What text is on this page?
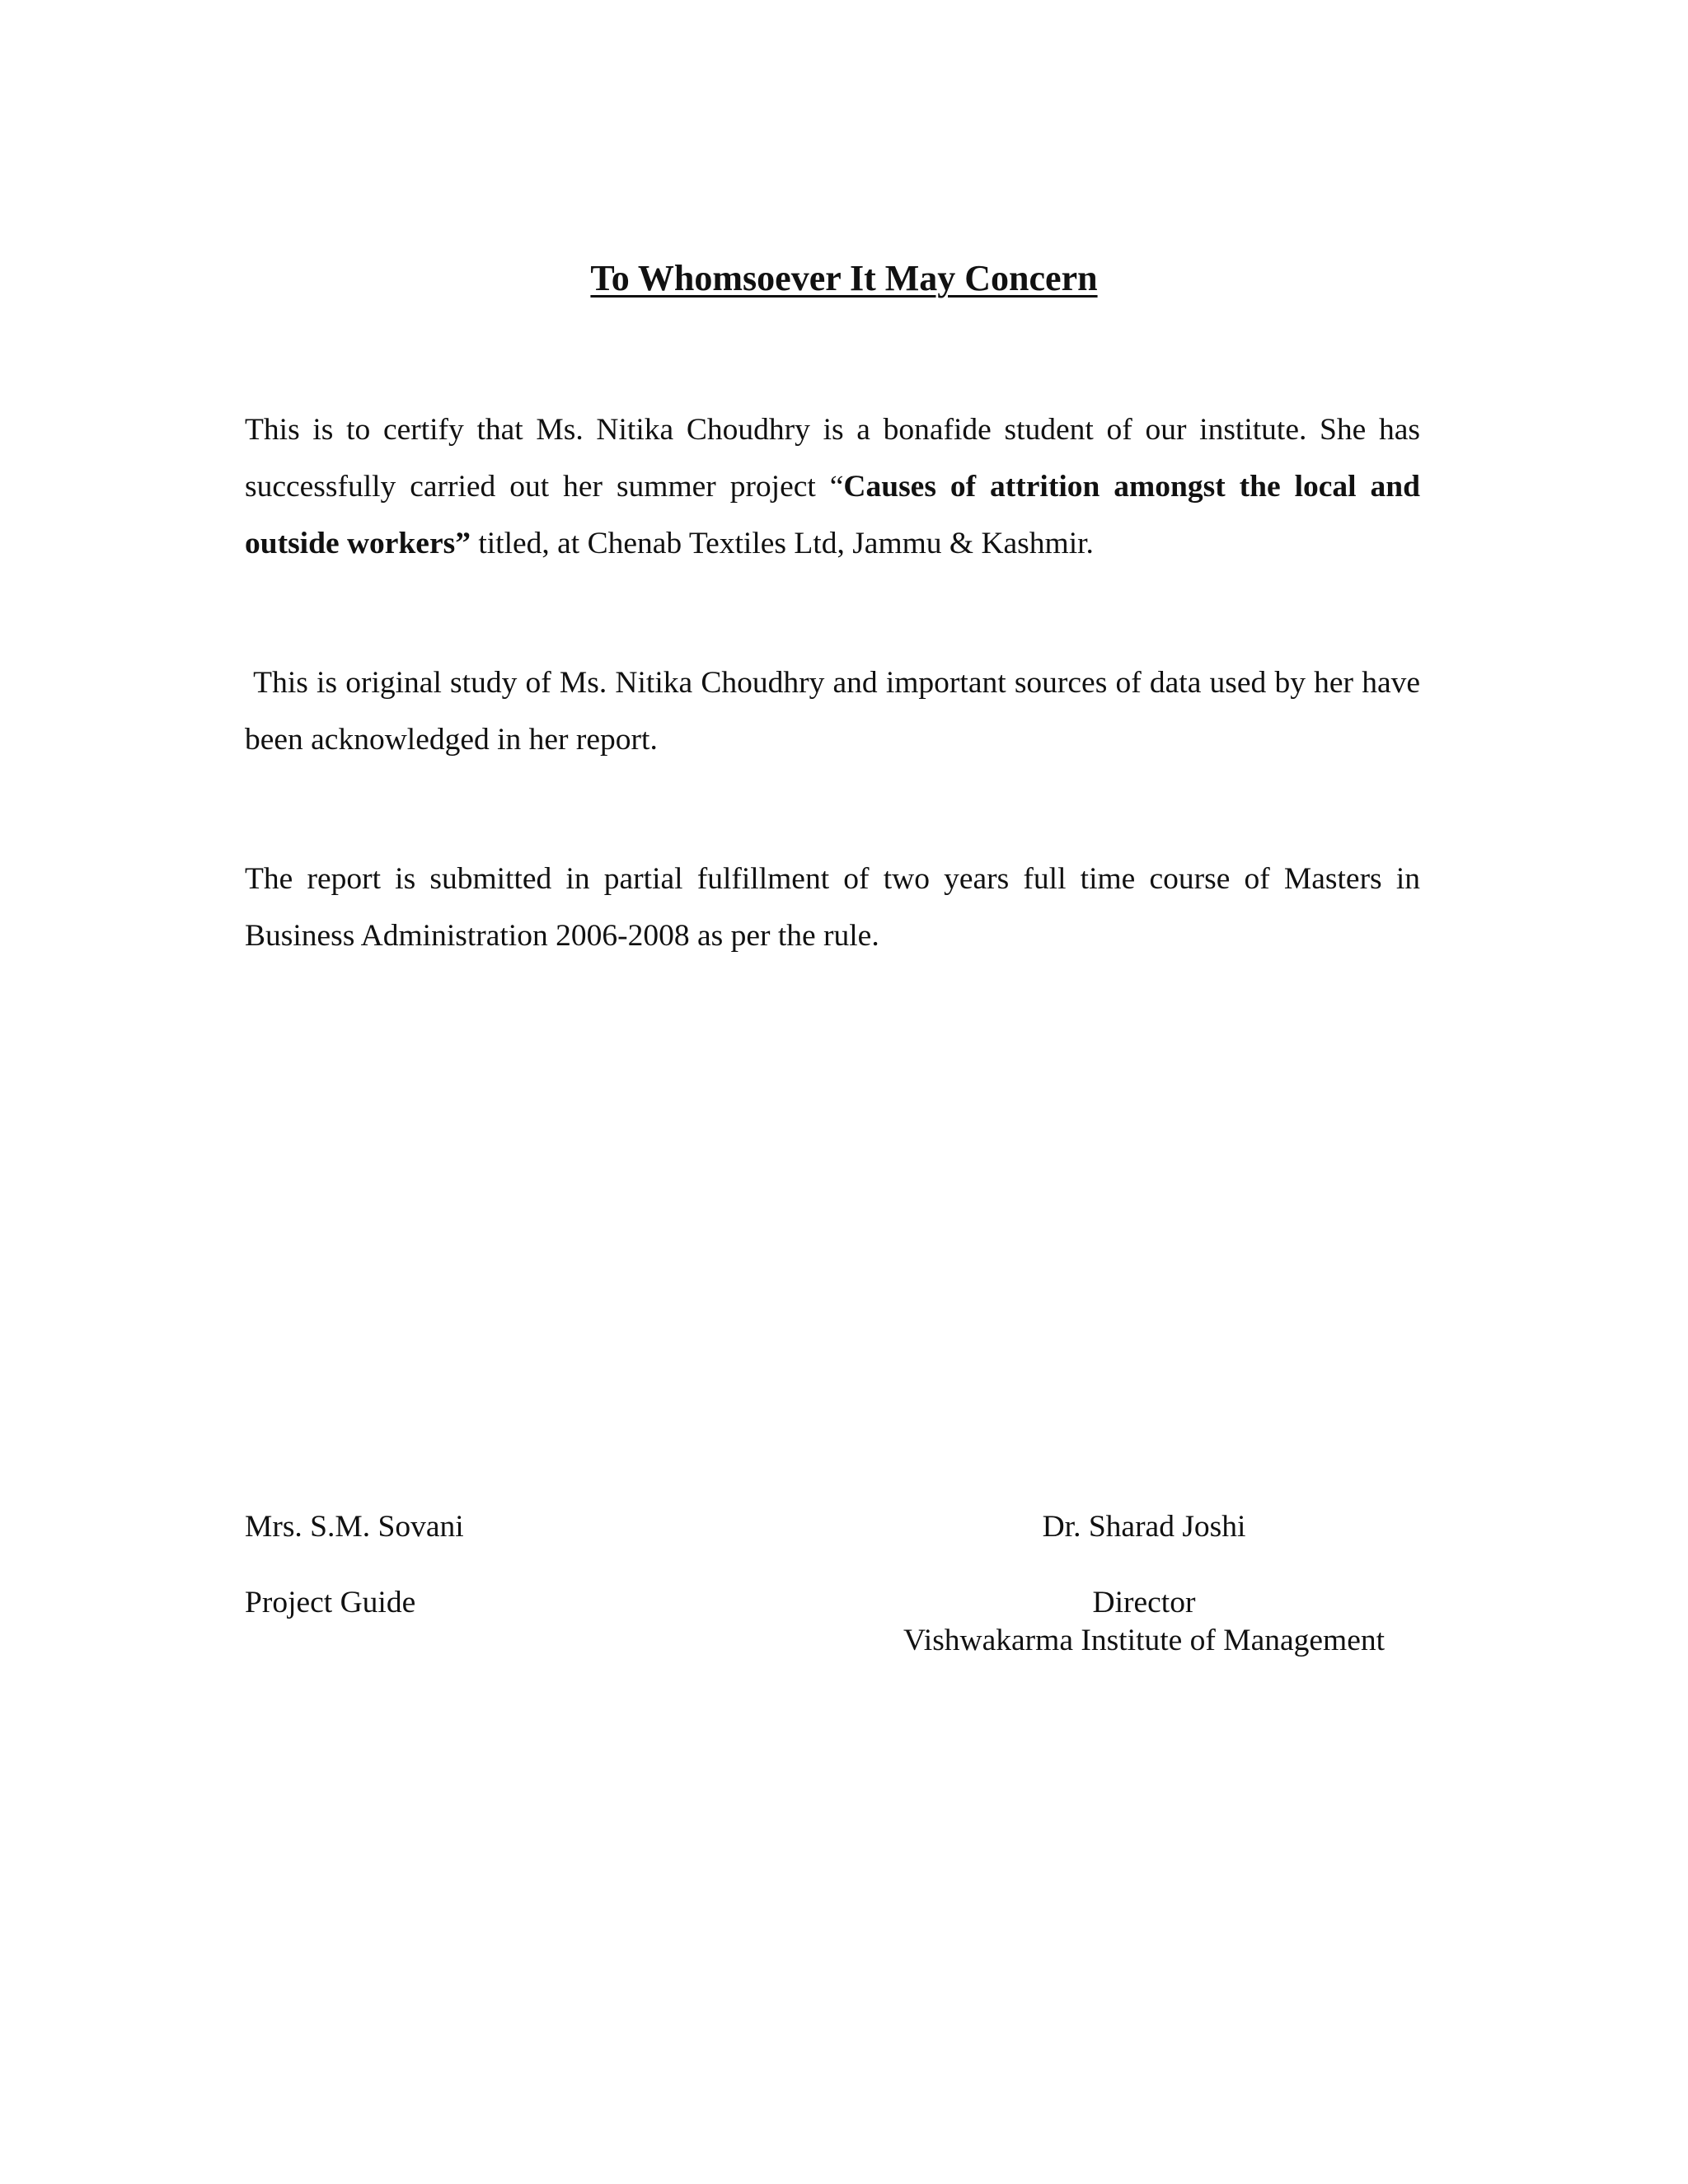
To Whomsoever It May Concern

This is to certify that Ms. Nitika Choudhry is a bonafide student of our institute. She has successfully carried out her summer project “Causes of attrition amongst the local and outside workers” titled, at Chenab Textiles Ltd, Jammu & Kashmir.

This is original study of Ms. Nitika Choudhry and important sources of data used by her have been acknowledged in her report.

The report is submitted in partial fulfillment of two years full time course of Masters in Business Administration 2006-2008 as per the rule.

Mrs. S.M. Sovani
Project Guide
Dr. Sharad Joshi
Director
Vishwakarma Institute of Management
